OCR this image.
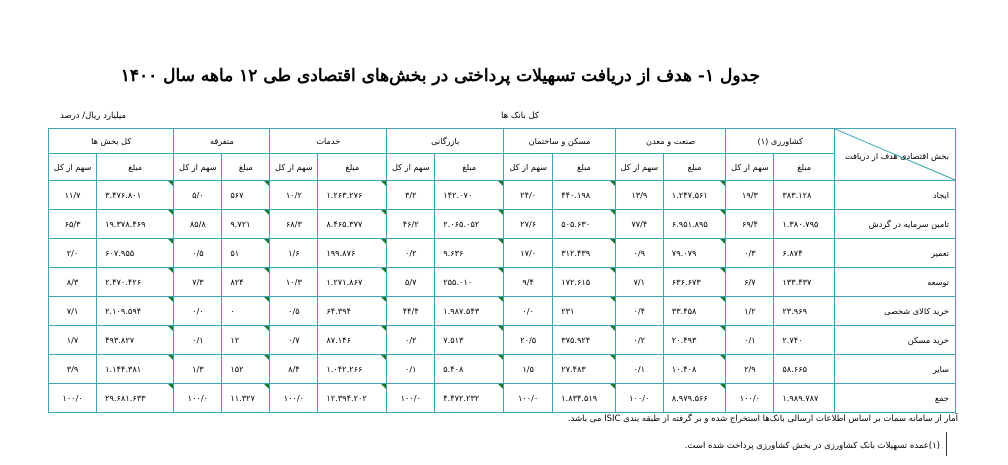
جدول ۱- هدف از دریافت تسهیلات پرداختی در بخش‌های اقتصادی طی ۱۲ ماهه سال ۱۴۰۰
میلیارد ریال/ درصد	کل بانک ها
بخش اقتصادی
هدف از دریافت	کشاورزی (۱)		صنعت و معدن		مسکن و ساختمان		بازرگانی		خدمات		متفرقه		کل بخش ها	
	مبلغ	سهم از کل	مبلغ	سهم از کل	مبلغ	سهم از کل	مبلغ	سهم از کل	مبلغ	سهم از کل	مبلغ	سهم از کل	مبلغ	سهم از کل
ایجاد	۳۸۳.۱۲۸	۱۹/۳	۱.۲۴۷.۵۶۱	۱۳/۹	۴۴۰.۱۹۸	۲۴/۰	۱۴۲.۰۷۰	۳/۲	۱.۲۶۳.۲۷۶	۱۰/۲	۵۶۷	۵/۰	۳.۴۷۶.۸۰۱	۱۱/۷
تامین سرمایه در گردش	۱.۳۸۰.۷۹۵	۶۹/۴	۶.۹۵۱.۸۹۵	۷۷/۴	۵۰۵.۶۳۰	۲۷/۶	۲.۰۶۵.۰۵۲	۴۶/۲	۸.۴۶۵.۳۷۷	۶۸/۳	۹.۷۲۱	۸۵/۸	۱۹.۳۷۸.۴۶۹	۶۵/۳
تعمیر	۶.۸۷۴	۰/۳	۷۹.۰۷۹	۰/۹	۳۱۲.۴۳۹	۱۷/۰	۹.۶۳۶	۰/۲	۱۹۹.۸۷۶	۱/۶	۵۱	۰/۵	۶۰۷.۹۵۵	۲/۰
توسعه	۱۳۳.۴۳۷	۶/۷	۶۳۶.۶۷۳	۷/۱	۱۷۲.۶۱۵	۹/۴	۲۵۵.۰۱۰	۵/۷	۱.۲۷۱.۸۶۷	۱۰/۳	۸۲۴	۷/۳	۲.۴۷۰.۴۲۶	۸/۳
خرید کالای شخصی	۲۳.۹۶۹	۱/۲	۳۳.۴۵۸	۰/۴	۲۳۱	۰/۰	۱.۹۸۷.۵۴۳	۴۴/۴	۶۴.۳۹۴	۰/۵	۰	۰/۰	۲.۱۰۹.۵۹۴	۷/۱
خرید مسکن	۲.۷۴۰	۰/۱	۲۰.۴۹۳	۰/۲	۳۷۵.۹۲۴	۲۰/۵	۷.۵۱۳	۰/۲	۸۷.۱۴۶	۰/۷	۱۲	۰/۱	۴۹۳.۸۲۷	۱/۷
سایر	۵۸.۶۶۵	۲/۹	۱۰.۴۰۸	۰/۱	۲۷.۴۸۳	۱/۵	۵.۴۰۸	۰/۱	۱.۰۴۲.۲۶۶	۸/۴	۱۵۲	۱/۳	۱.۱۴۴.۳۸۱	۳/۹
جمع	۱.۹۸۹.۷۸۷	۱۰۰/۰	۸.۹۷۹.۵۶۶	۱۰۰/۰	۱.۸۳۴.۵۱۹	۱۰۰/۰	۴.۴۷۲.۲۳۲	۱۰۰/۰	۱۲.۳۹۴.۲۰۲	۱۰۰/۰	۱۱.۳۲۷	۱۰۰/۰	۲۹.۶۸۱.۶۳۳	۱۰۰/۰
آمار از سامانه سمات بر اساس اطلاعات ارسالی بانک‌ها استخراج شده و بر گرفته از طبقه بندی ISIC می باشد.
(۱)عمده تسهیلات بانک کشاورزی در بخش کشاورزی پرداخت شده است.
